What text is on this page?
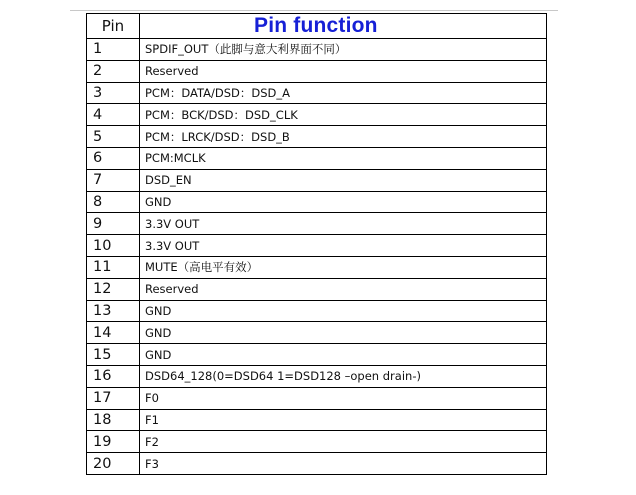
Pin	Pin function
1	SPDIF_OUT（此脚与意大利界面不同）
2	Reserved
3	PCM：DATA/DSD：DSD_A
4	PCM：BCK/DSD：DSD_CLK
5	PCM：LRCK/DSD：DSD_B
6	PCM:MCLK
7	DSD_EN
8	GND
9	3.3V OUT
10	3.3V OUT
11	MUTE（高电平有效）
12	Reserved
13	GND
14	GND
15	GND
16	DSD64_128(0=DSD64 1=DSD128 –open drain-)
17	F0
18	F1
19	F2
20	F3
